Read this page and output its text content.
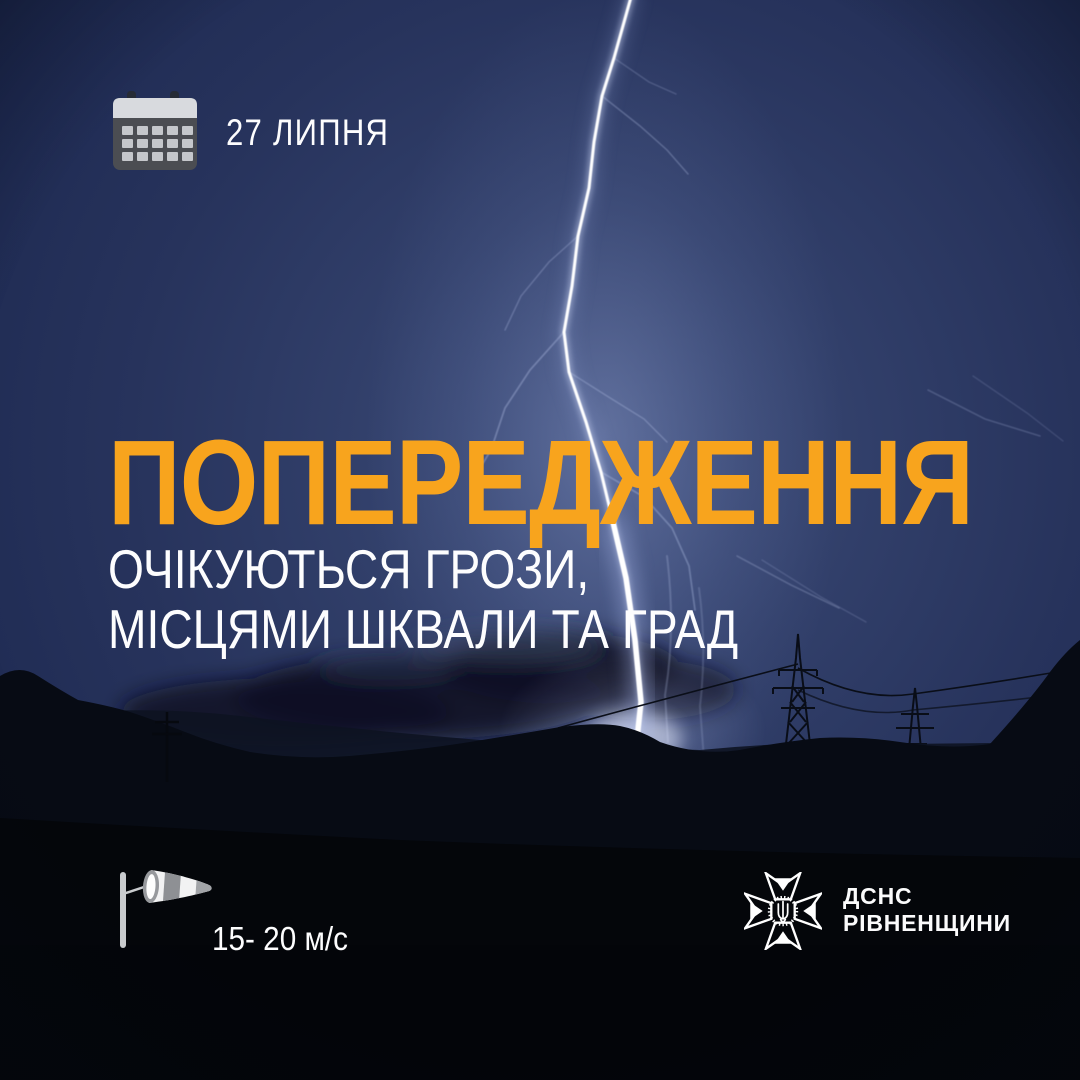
27 ЛИПНЯ
ПОПЕРЕДЖЕННЯ
ОЧІКУЮТЬСЯ ГРОЗИ,
МІСЦЯМИ ШКВАЛИ ТА ГРАД
15- 20 м/с
ДСНС
РІВНЕНЩИНИ
